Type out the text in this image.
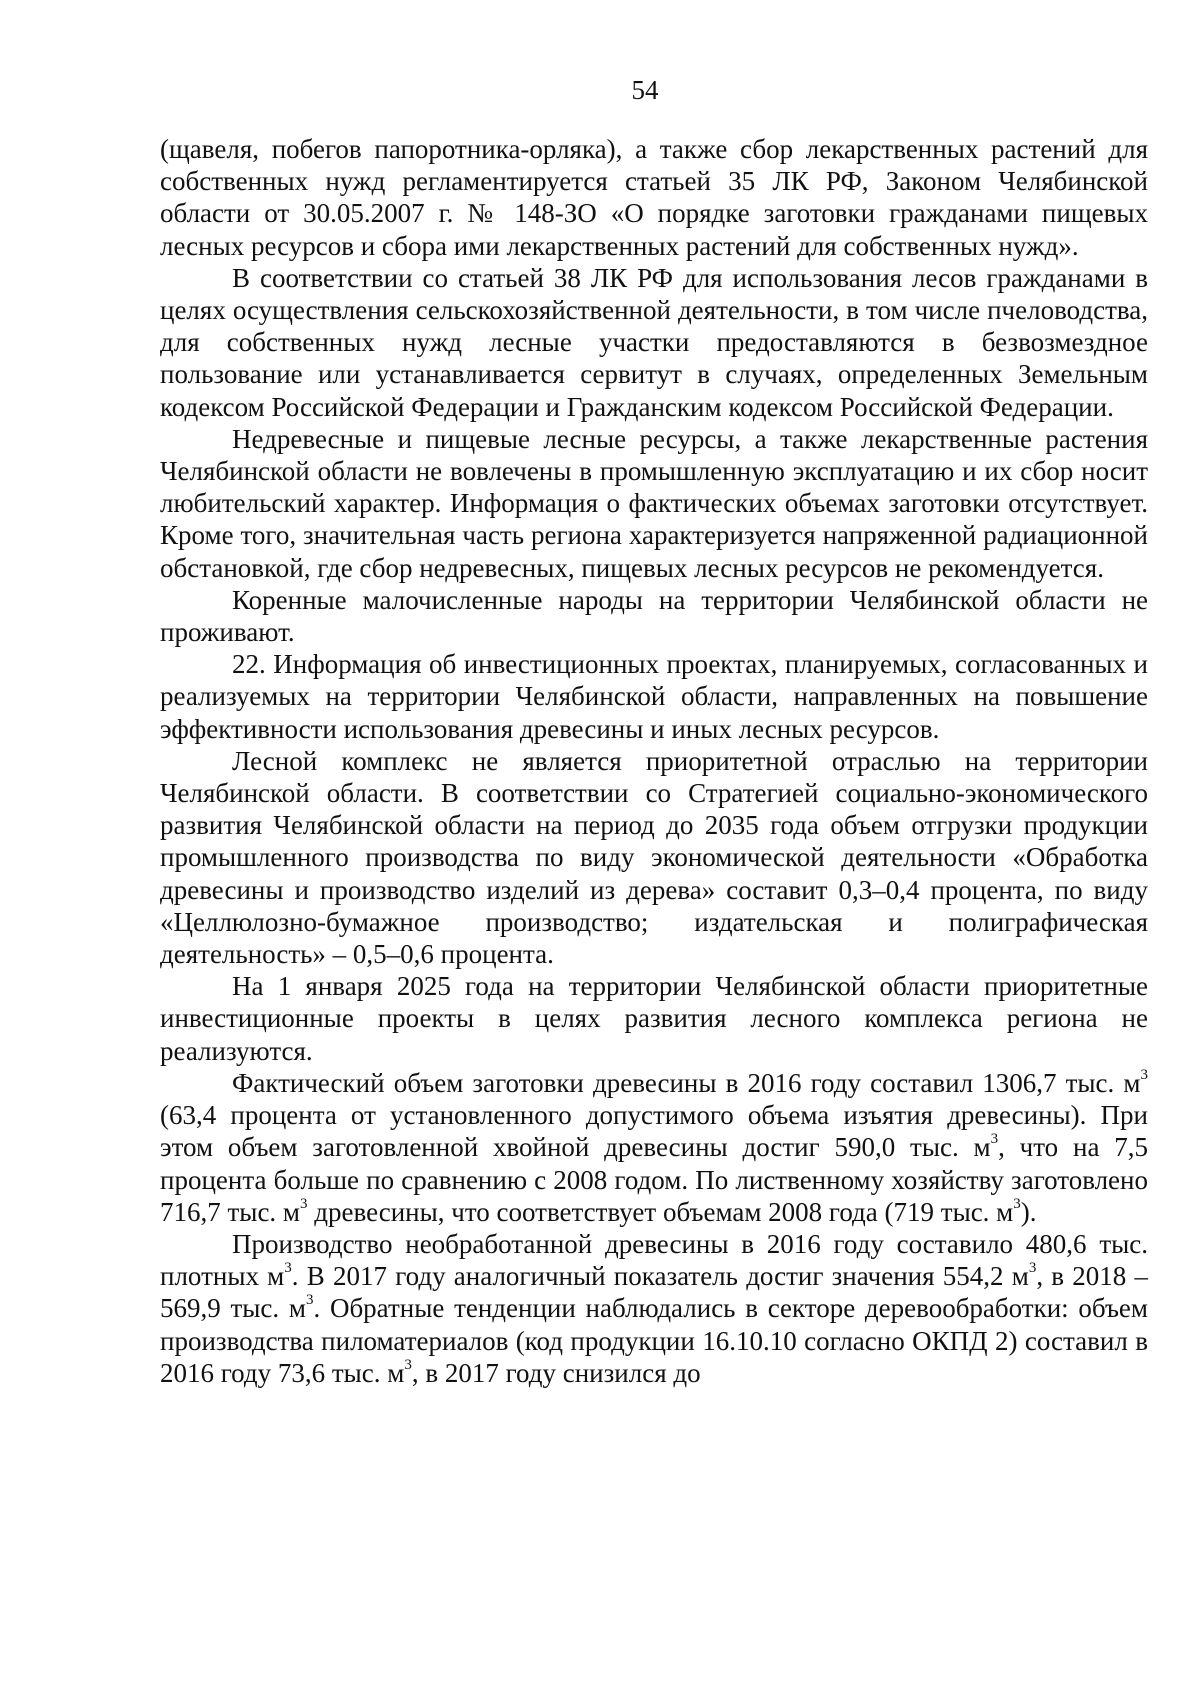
54

(щавеля, побегов папоротника-орляка), а также сбор лекарственных растений для собственных нужд регламентируется статьей 35 ЛК РФ, Законом Челябинской области от 30.05.2007 г. № 148-ЗО «О порядке заготовки гражданами пищевых лесных ресурсов и сбора ими лекарственных растений для собственных нужд».

В соответствии со статьей 38 ЛК РФ для использования лесов гражданами в целях осуществления сельскохозяйственной деятельности, в том числе пчеловодства, для собственных нужд лесные участки предоставляются в безвозмездное пользование или устанавливается сервитут в случаях, определенных Земельным кодексом Российской Федерации и Гражданским кодексом Российской Федерации.

Недревесные и пищевые лесные ресурсы, а также лекарственные растения Челябинской области не вовлечены в промышленную эксплуатацию и их сбор носит любительский характер. Информация о фактических объемах заготовки отсутствует. Кроме того, значительная часть региона характеризуется напряженной радиационной обстановкой, где сбор недревесных, пищевых лесных ресурсов не рекомендуется.

Коренные малочисленные народы на территории Челябинской области не проживают.

22. Информация об инвестиционных проектах, планируемых, согласованных и реализуемых на территории Челябинской области, направленных на повышение эффективности использования древесины и иных лесных ресурсов.

Лесной комплекс не является приоритетной отраслью на территории Челябинской области. В соответствии со Стратегией социально-экономического развития Челябинской области на период до 2035 года объем отгрузки продукции промышленного производства по виду экономической деятельности «Обработка древесины и производство изделий из дерева» составит 0,3–0,4 процента, по виду «Целлюлозно-бумажное производство; издательская и полиграфическая деятельность» – 0,5–0,6 процента.

На 1 января 2025 года на территории Челябинской области приоритетные инвестиционные проекты в целях развития лесного комплекса региона не реализуются.

Фактический объем заготовки древесины в 2016 году составил 1306,7 тыс. $м^3$ (63,4 процента от установленного допустимого объема изъятия древесины). При этом объем заготовленной хвойной древесины достиг 590,0 тыс. $м^3$, что на 7,5 процента больше по сравнению с 2008 годом. По лиственному хозяйству заготовлено 716,7 тыс. $м^3$ древесины, что соответствует объемам 2008 года (719 тыс. $м^3$).

Производство необработанной древесины в 2016 году составило 480,6 тыс. плотных $м^3$. В 2017 году аналогичный показатель достиг значения 554,2 $м^3$, в 2018 – 569,9 тыс. $м^3$. Обратные тенденции наблюдались в секторе деревообработки: объем производства пиломатериалов (код продукции 16.10.10 согласно ОКПД 2) составил в 2016 году 73,6 тыс. $м^3$, в 2017 году снизился до
